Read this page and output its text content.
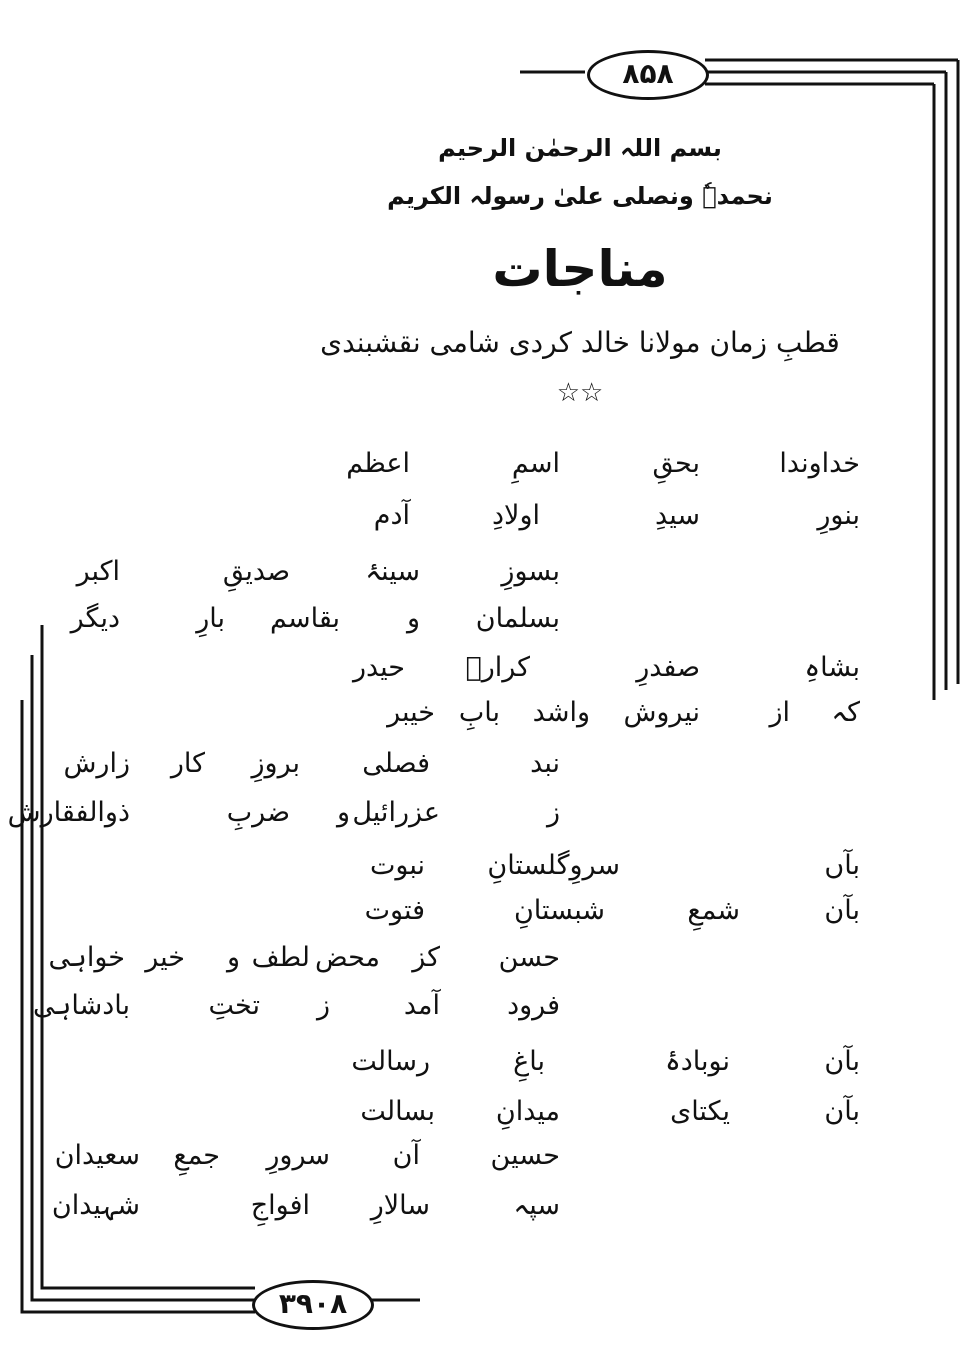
۸۵۸
۳۹۰۸
بسم اللہ الرحمٰن الرحیم
نحمدہٗ ونصلی علیٰ رسولہ الکریم
مناجات
قطبِ زمان مولانا خالد کردی شامی نقشبندی
☆☆
خداوندا
بحقِ
اسمِ
اعظم
بنورِ
سیدِ
اولادِ
آدم
بسوزِ
سینۂ
صدیقِ
اکبر
بسلمان
و
بقاسم
بارِ
دیگر
بشاہِ
صفدرِ
کرارؓ
حیدر
کہ
از
نیروش
واشد
بابِ
خیبر
نبد
فصلی
بروزِ
کار
زارش
ز
عزرائیل
و
ضربِ
ذوالفقارش
بآں
سروِگلستانِ
نبوت
بآن
شمعِ
شبستانِ
فتوت
حسن
کز
محض
لطف
و
خیر
خواہی
فرود
آمد
ز
تختِ
بادشاہی
بآن
نوبادۂ
باغِ
رسالت
بآن
یکتای
میدانِ
بسالت
حسین
آن
سرورِ
جمعِ
سعیدان
سپہ
سالارِ
افواجِ
شہیدان
